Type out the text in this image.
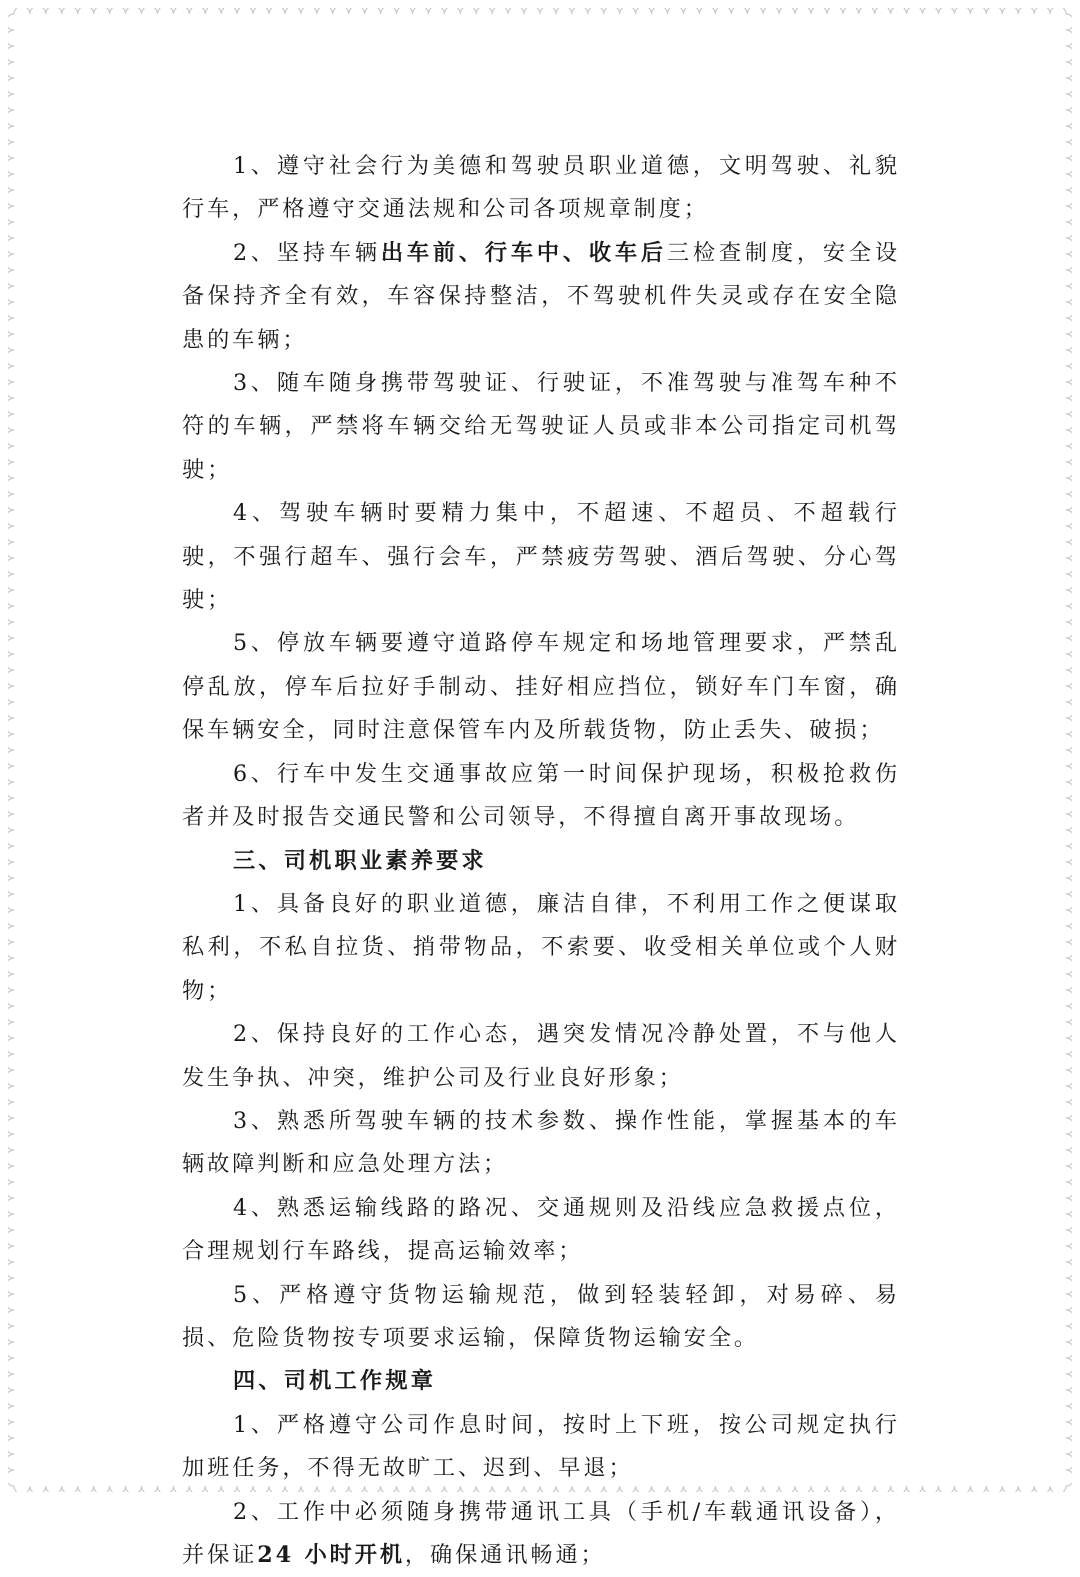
1、遵守社会行为美德和驾驶员职业道德，文明驾驶、礼貌行车，严格遵守交通法规和公司各项规章制度；

2、坚持车辆出车前、行车中、收车后三检查制度，安全设备保持齐全有效，车容保持整洁，不驾驶机件失灵或存在安全隐患的车辆；

3、随车随身携带驾驶证、行驶证，不准驾驶与准驾车种不符的车辆，严禁将车辆交给无驾驶证人员或非本公司指定司机驾驶；

4、驾驶车辆时要精力集中，不超速、不超员、不超载行驶，不强行超车、强行会车，严禁疲劳驾驶、酒后驾驶、分心驾驶；

5、停放车辆要遵守道路停车规定和场地管理要求，严禁乱停乱放，停车后拉好手制动、挂好相应挡位，锁好车门车窗，确保车辆安全，同时注意保管车内及所载货物，防止丢失、破损；

6、行车中发生交通事故应第一时间保护现场，积极抢救伤者并及时报告交通民警和公司领导，不得擅自离开事故现场。

三、司机职业素养要求

1、具备良好的职业道德，廉洁自律，不利用工作之便谋取私利，不私自拉货、捎带物品，不索要、收受相关单位或个人财物；

2、保持良好的工作心态，遇突发情况冷静处置，不与他人发生争执、冲突，维护公司及行业良好形象；

3、熟悉所驾驶车辆的技术参数、操作性能，掌握基本的车辆故障判断和应急处理方法；

4、熟悉运输线路的路况、交通规则及沿线应急救援点位，合理规划行车路线，提高运输效率；

5、严格遵守货物运输规范，做到轻装轻卸，对易碎、易损、危险货物按专项要求运输，保障货物运输安全。

四、司机工作规章

1、严格遵守公司作息时间，按时上下班，按公司规定执行加班任务，不得无故旷工、迟到、早退；

2、工作中必须随身携带通讯工具（手机/车载通讯设备），并保证24 小时开机，确保通讯畅通；
